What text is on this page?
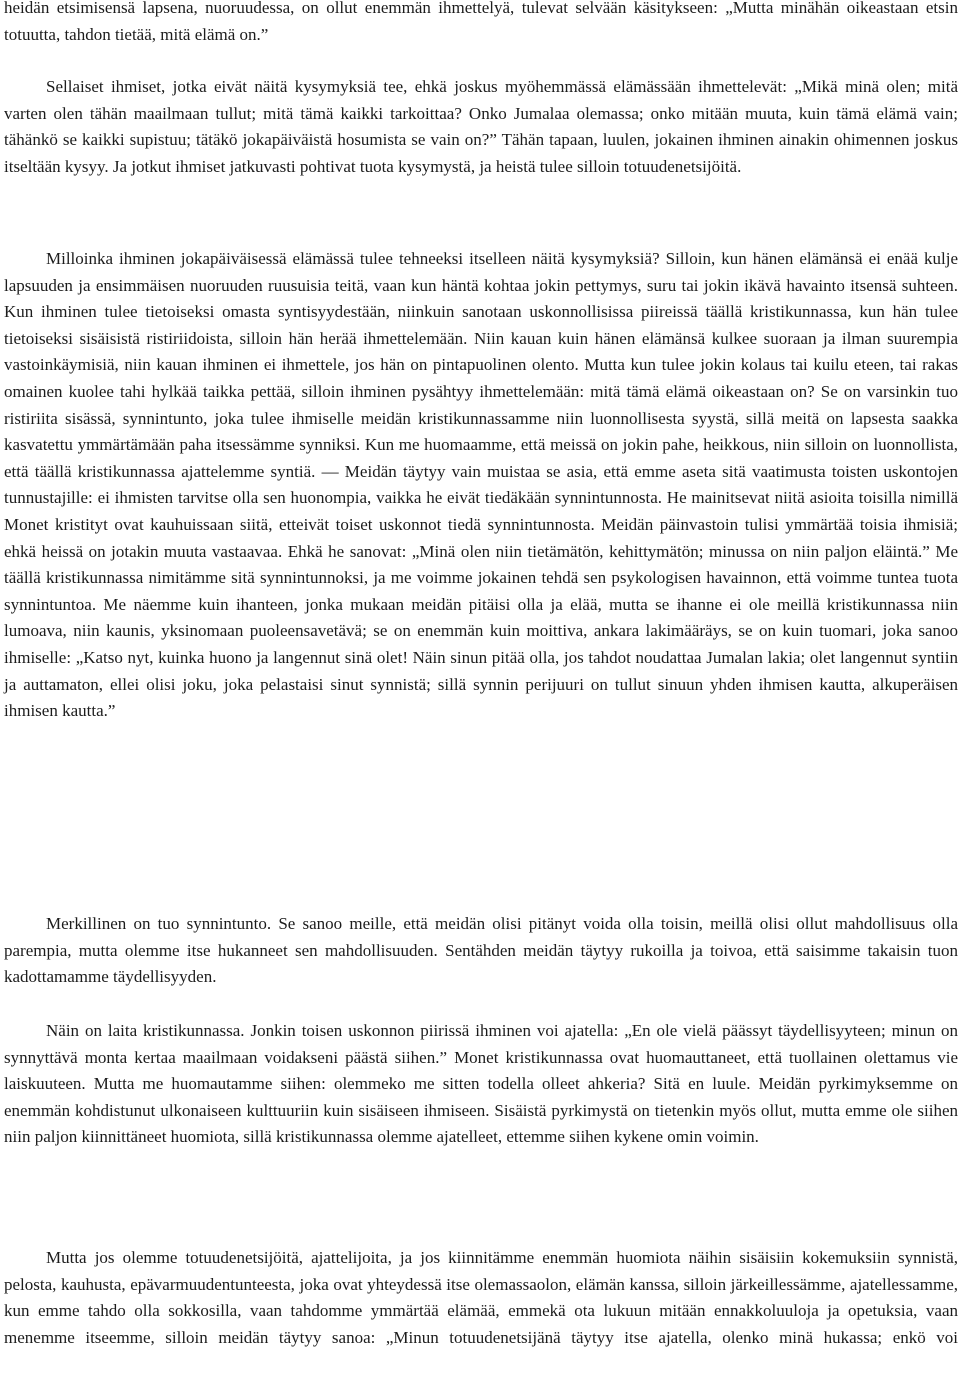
heidän etsimisensä lapsena, nuoruudessa, on ollut enemmän ihmettelyä, tulevat selvään käsitykseen: „Mutta minähän oikeastaan etsin totuutta, tahdon tietää, mitä elämä on.”

Sellaiset ihmiset, jotka eivät näitä kysymyksiä tee, ehkä joskus myöhemmässä elämässään ihmettelevät: „Mikä minä olen; mitä varten olen tähän maailmaan tullut; mitä tämä kaikki tarkoittaa? Onko Jumalaa olemassa; onko mitään muuta, kuin tämä elämä vain; tähänkö se kaikki supistuu; tätäkö jokapäiväistä hosumista se vain on?” Tähän tapaan, luulen, jokainen ihminen ainakin ohimennen joskus itseltään kysyy. Ja jotkut ihmiset jatkuvasti pohtivat tuota kysymystä, ja heistä tulee silloin totuudenetsijöitä.

Milloinka ihminen jokapäiväisessä elämässä tulee tehneeksi itselleen näitä kysymyksiä? Silloin, kun hänen elämänsä ei enää kulje lapsuuden ja ensimmäisen nuoruuden ruusuisia teitä, vaan kun häntä kohtaa jokin pettymys, suru tai jokin ikävä havainto itsensä suhteen. Kun ihminen tulee tietoiseksi omasta syntisyydestään, niinkuin sanotaan uskonnollisissa piireissä täällä kristikunnassa, kun hän tulee tietoiseksi sisäisistä ristiriidoista, silloin hän herää ihmettelemään. Niin kauan kuin hänen elämänsä kulkee suoraan ja ilman suurempia vastoinkäymisiä, niin kauan ihminen ei ihmettele, jos hän on pintapuolinen olento. Mutta kun tulee jokin kolaus tai kuilu eteen, tai rakas omainen kuolee tahi hylkää taikka pettää, silloin ihminen pysähtyy ihmettelemään: mitä tämä elämä oikeastaan on? Se on varsinkin tuo ristiriita sisässä, synnintunto, joka tulee ihmiselle meidän kristikunnassamme niin luonnollisesta syystä, sillä meitä on lapsesta saakka kasvatettu ymmärtämään paha itsessämme synniksi. Kun me huomaamme, että meissä on jokin pahe, heikkous, niin silloin on luonnollista, että täällä kristikunnassa ajattelemme syntiä. — Meidän täytyy vain muistaa se asia, että emme aseta sitä vaatimusta toisten uskontojen tunnustajille: ei ihmisten tarvitse olla sen huonompia, vaikka he eivät tiedäkään synnintunnosta. He mainitsevat niitä asioita toisilla nimillä Monet kristityt ovat kauhuissaan siitä, etteivät toiset uskonnot tiedä synnintunnosta. Meidän päinvastoin tulisi ymmärtää toisia ihmisiä; ehkä heissä on jotakin muuta vastaavaa. Ehkä he sanovat: „Minä olen niin tietämätön, kehittymätön; minussa on niin paljon eläintä.” Me täällä kristikunnassa nimitämme sitä synnintunnoksi, ja me voimme jokainen tehdä sen psykologisen havainnon, että voimme tuntea tuota synnintuntoa. Me näemme kuin ihanteen, jonka mukaan meidän pitäisi olla ja elää, mutta se ihanne ei ole meillä kristikunnassa niin lumoava, niin kaunis, yksinomaan puoleensavetävä; se on enemmän kuin moittiva, ankara lakimääräys, se on kuin tuomari, joka sanoo ihmiselle: „Katso nyt, kuinka huono ja langennut sinä olet! Näin sinun pitää olla, jos tahdot noudattaa Jumalan lakia; olet langennut syntiin ja auttamaton, ellei olisi joku, joka pelastaisi sinut synnistä; sillä synnin perijuuri on tullut sinuun yhden ihmisen kautta, alkuperäisen ihmisen kautta.”

Merkillinen on tuo synnintunto. Se sanoo meille, että meidän olisi pitänyt voida olla toisin, meillä olisi ollut mahdollisuus olla parempia, mutta olemme itse hukanneet sen mahdollisuuden. Sentähden meidän täytyy rukoilla ja toivoa, että saisimme takaisin tuon kadottamamme täydellisyyden.

Näin on laita kristikunnassa. Jonkin toisen uskonnon piirissä ihminen voi ajatella: „En ole vielä päässyt täydellisyyteen; minun on synnyttävä monta kertaa maailmaan voidakseni päästä siihen.” Monet kristikunnassa ovat huomauttaneet, että tuollainen olettamus vie laiskuuteen. Mutta me huomautamme siihen: olemmeko me sitten todella olleet ahkeria? Sitä en luule. Meidän pyrkimyksemme on enemmän kohdistunut ulkonaiseen kulttuuriin kuin sisäiseen ihmiseen. Sisäistä pyrkimystä on tietenkin myös ollut, mutta emme ole siihen niin paljon kiinnittäneet huomiota, sillä kristikunnassa olemme ajatelleet, ettemme siihen kykene omin voimin.

Mutta jos olemme totuudenetsijöitä, ajattelijoita, ja jos kiinnitämme enemmän huomiota näihin sisäisiin kokemuksiin synnistä, pelosta, kauhusta, epävarmuudentunteesta, joka ovat yhteydessä itse olemassaolon, elämän kanssa, silloin järkeillessämme, ajatellessamme, kun emme tahdo olla sokkosilla, vaan tahdomme ymmärtää elämää, emmekä ota lukuun mitään ennakkoluuloja ja opetuksia, vaan menemme itseemme, silloin meidän täytyy sanoa: „Minun totuudenetsijänä täytyy itse ajatella, olenko minä hukassa; enkö voi
